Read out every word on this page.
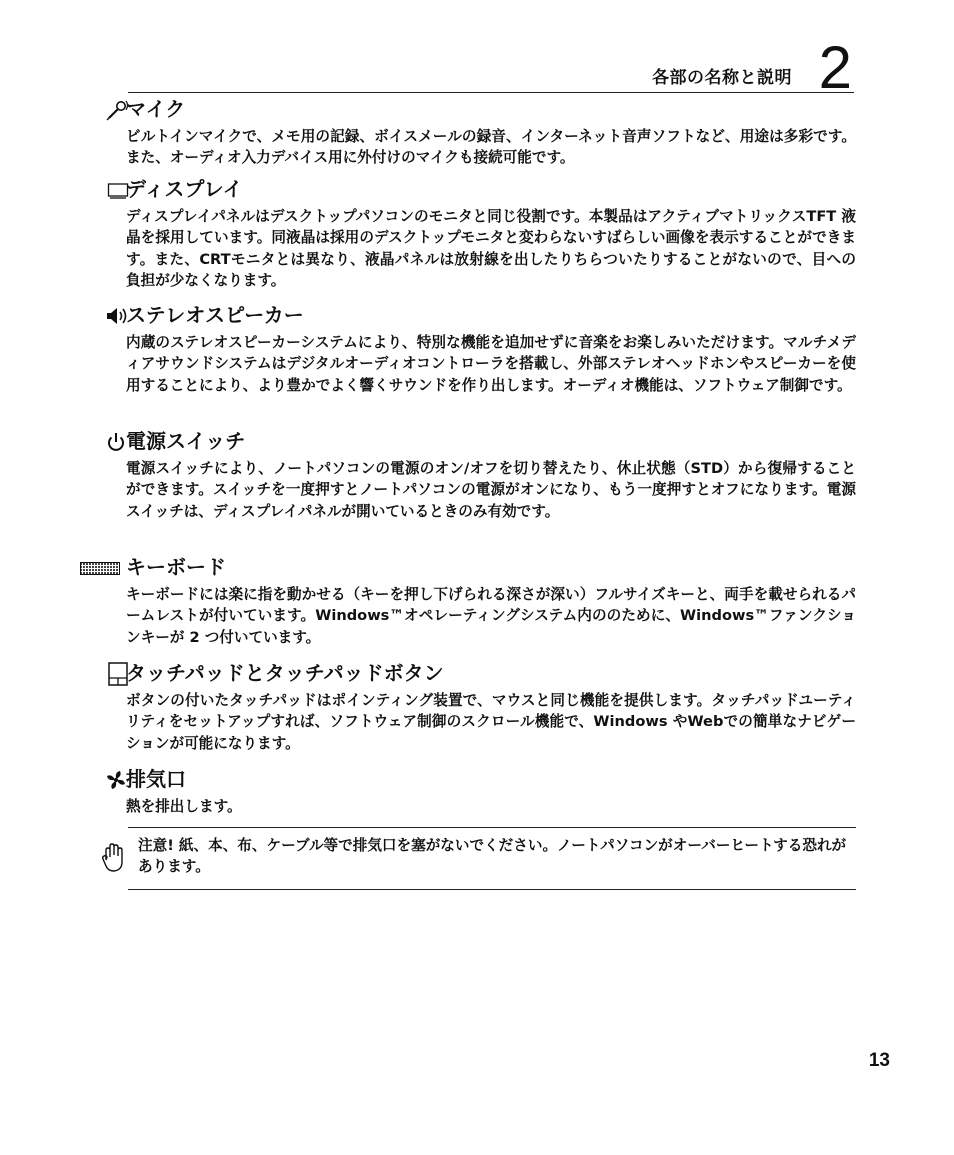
各部の名称と説明 2
マイク
ビルトインマイクで、メモ用の記録、ボイスメールの録音、インターネット音声ソフトなど、用途は多彩です。また、オーディオ入力デバイス用に外付けのマイクも接続可能です。
ディスプレイ
ディスプレイパネルはデスクトップパソコンのモニタと同じ役割です。本製品はアクティブマトリックスTFT 液晶を採用しています。同液晶は採用のデスクトップモニタと変わらないすばらしい画像を表示することができます。また、CRTモニタとは異なり、液晶パネルは放射線を出したりちらついたりすることがないので、目への負担が少なくなります。
ステレオスピーカー
内蔵のステレオスピーカーシステムにより、特別な機能を追加せずに音楽をお楽しみいただけます。マルチメディアサウンドシステムはデジタルオーディオコントローラを搭載し、外部ステレオヘッドホンやスピーカーを使用することにより、より豊かでよく響くサウンドを作り出します。オーディオ機能は、ソフトウェア制御です。
電源スイッチ
電源スイッチにより、ノートパソコンの電源のオン/オフを切り替えたり、休止状態（STD）から復帰することができます。スイッチを一度押すとノートパソコンの電源がオンになり、もう一度押すとオフになります。電源スイッチは、ディスプレイパネルが開いているときのみ有効です。
キーボード
キーボードには楽に指を動かせる（キーを押し下げられる深さが深い）フルサイズキーと、両手を載せられるパームレストが付いています。Windows™オペレーティングシステム内ののために、Windows™ファンクションキーが 2 つ付いています。
タッチパッドとタッチパッドボタン
ボタンの付いたタッチパッドはポインティング装置で、マウスと同じ機能を提供します。タッチパッドユーティリティをセットアップすれば、ソフトウェア制御のスクロール機能で、Windows やWebでの簡単なナビゲーションが可能になります。
排気口
熱を排出します。
注意! 紙、本、布、ケーブル等で排気口を塞がないでください。ノートパソコンがオーバーヒートする恐れがあります。
13
